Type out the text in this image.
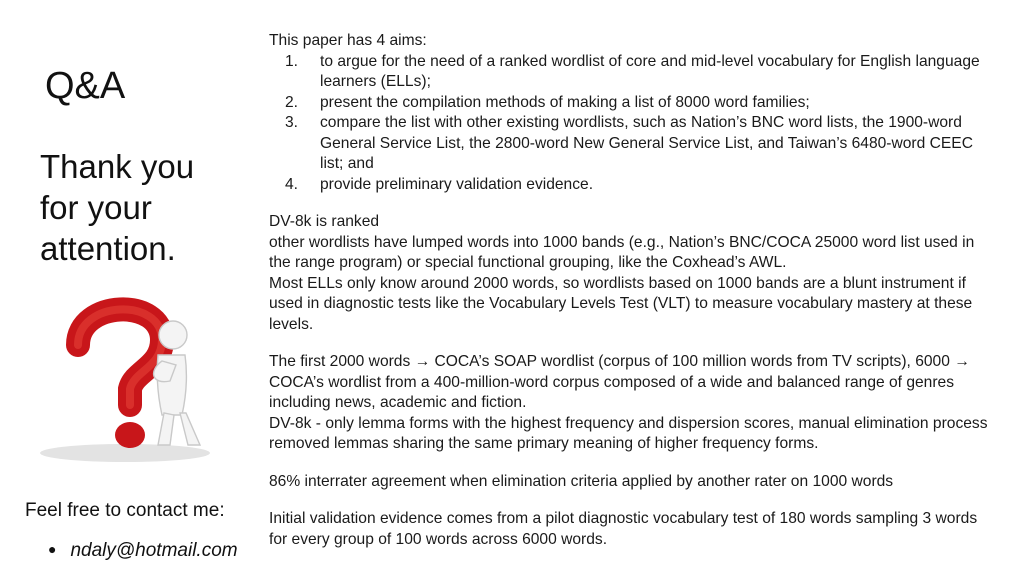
Q&A
Thank you
for your
attention.
Feel free to contact me:
● ndaly@hotmail.com

This paper has 4 aims:

1. to argue for the need of a ranked wordlist of core and mid-level vocabulary for English language learners (ELLs);
2. present the compilation methods of making a list of 8000 word families;
3. compare the list with other existing wordlists, such as Nation’s BNC word lists, the 1900-word General Service List, the 2800-word New General Service List, and Taiwan’s 6480-word CEEC list; and
4. provide preliminary validation evidence.

DV-8k is ranked

other wordlists have lumped words into 1000 bands (e.g., Nation’s BNC/COCA 25000 word list used in the range program) or special functional grouping, like the Coxhead’s AWL.

Most ELLs only know around 2000 words, so wordlists based on 1000 bands are a blunt instrument if used in diagnostic tests like the Vocabulary Levels Test (VLT) to measure vocabulary mastery at these levels.

The first 2000 words → COCA’s SOAP wordlist (corpus of 100 million words from TV scripts), 6000 → COCA’s wordlist from a 400-million-word corpus composed of a wide and balanced range of genres including news, academic and fiction.

DV-8k - only lemma forms with the highest frequency and dispersion scores, manual elimination process removed lemmas sharing the same primary meaning of higher frequency forms.

86% interrater agreement when elimination criteria applied by another rater on 1000 words

Initial validation evidence comes from a pilot diagnostic vocabulary test of 180 words sampling 3 words for every group of 100 words across 6000 words.
